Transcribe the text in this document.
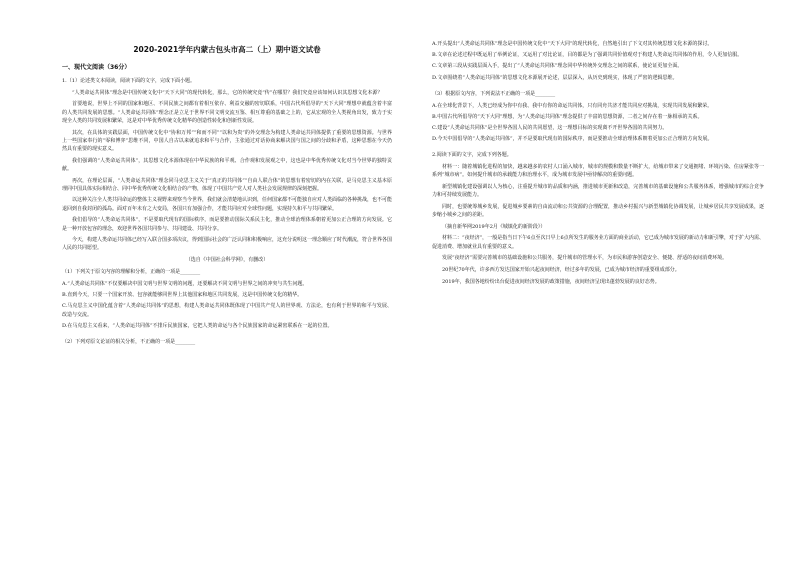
2020-2021学年内蒙古包头市高二（上）期中语文试卷
一、现代文阅读（36分）

1.（1）论述类文本阅读，阅读下面的文字，完成下面小题。

“人类命运共同体”理念是中国传统文化中“天下大同”的现代转化，那么，它的传统究竟“传”在哪里？我们究竟应该如何认识其思想文化本源？

首要地说，世界上不同的国家和地区、不同民族之间都有着相互依存、利益交融的密切联系，中国古代所倡导的“天下大同”理想中就蕴含着丰富的人类共同发展的思想。“人类命运共同体”理念正是立足于世界不同文明交流互鉴、相互尊重的基础之上的，它从宏观的全人类视角出发，致力于实现全人类的共同发展和繁荣，这是对中华优秀传统文化精华的创造性转化和创新性发展。

其次，在具体的实践层面，中国传统文化中“协和万邦”“和而不同”“以和为贵”的外交理念为构建人类命运共同体提供了重要的思想资源。与世界上一些国家奉行的“零和博弈”思维不同，中国人自古以来就追求和平与合作，主张通过对话协商来解决国与国之间的分歧和矛盾，这种思想在今天仍然具有重要的现实意义。

我们强调的“人类命运共同体”，其思想文化本源体现在中华民族的和平观、合作观和发展观之中，这也是中华优秀传统文化对当今世界的独特贡献。

再次，在理论层面，“人类命运共同体”理念同马克思主义关于“真正的共同体”“自由人联合体”的思想有着密切的内在关联，是马克思主义基本原理同中国具体实际相结合、同中华优秀传统文化相结合的产物，体现了中国共产党人对人类社会发展规律的深刻把握。

以这种关注全人类共同命运的整体主义视野来观察当今世界，我们就会清楚地认识到，任何国家都不可能独自应对人类面临的各种挑战，也不可能退回到自我封闭的孤岛。面对百年未有之大变局，各国只有加强合作，才能共同应对全球性问题，实现持久和平与共同繁荣。

我们倡导的“人类命运共同体”，不是要取代现有的国际秩序，而是要推动国际关系民主化，推动全球治理体系朝着更加公正合理的方向发展。它是一种开放包容的理念，欢迎世界各国共同参与、共同建设、共同分享。

今天，构建人类命运共同体已经写入联合国多项决议，得到国际社会的广泛认同和积极响应，这充分说明这一理念顺应了时代潮流，符合世界各国人民的共同愿望。

（选自《中国社会科学网》，有删改）

（1）下列关于原文内容的理解和分析，正确的一项是________

A.“人类命运共同体”不仅要解决中国文明与世界文明的问题，还要解决不同文明与世界之间的冲突与共生问题。
B.直到今天，只要一个国家开放、包容就能够同世界上其他国家和地区共同发展，这是中国传统文化的精华。
C.马克思主义中国化蕴含着“人类命运共同体”的思想，构建人类命运共同体既体现了中国共产党人的世界观、方法论，也有利于世界的和平与发展、改造与交流。
D.在马克思主义看来，“人类命运共同体”不排斥民族国家，它把人类的命运与各个民族国家的命运紧密联系在一起的位置。

（2）下列对原文论证的相关分析，不正确的一项是________

A.开头提出“人类命运共同体”理念是中国传统文化中“天下大同”的现代转化，自然地引出了下文对其传统思想文化本源的探讨。
B.文章在论述过程中既运用了举例论证，又运用了对比论证，目的都是为了强调共同价值观对于构建人类命运共同体的作用，令人更加信服。
C.文章第三段从实践层面入手，提出了“人类命运共同体”理念同中华传统外交理念之间的联系，使论证更加全面。
D.文章围绕着“人类命运共同体”的思想文化本源展开论述，层层深入，从历史到现实，体现了严密的逻辑思维。

（3）根据原文内容，下列说法不正确的一项是________

A.在全球化背景下，人类已经成为你中有我、我中有你的命运共同体，只有同舟共济才能共同应对挑战，实现共同发展和繁荣。
B.中国古代所倡导的“天下大同”理想，为“人类命运共同体”理念提供了丰富的思想资源，二者之间存在着一脉相承的关系。
C.建设“人类命运共同体”是全世界各国人民的共同愿望，这一理想目标的实现离不开世界各国的共同努力。
D.今天中国倡导的“人类命运共同体”，并不是要取代现有的国际秩序，而是要推动全球治理体系朝着更加公正合理的方向发展。

2.阅读下面的文字，完成下列各题。

材料一：随着城镇化进程的加快，越来越多的农村人口涌入城市，城市的规模和数量不断扩大，给城市带来了交通拥堵、环境污染、住房紧张等一系列“城市病”。如何提升城市的承载能力和治理水平，成为城市发展中亟待解决的重要问题。

新型城镇化建设强调以人为核心，注重提升城市的品质和内涵，推进城市更新和改造，完善城市的基础设施和公共服务体系，增强城市的综合竞争力和可持续发展能力。

同时，也要统筹城乡发展，促进城乡要素的自由流动和公共资源的合理配置，推动乡村振兴与新型城镇化协调发展，让城乡居民共享发展成果，逐步缩小城乡之间的差距。

（摘自新华网2019年2月《城镇化的新阶段》）

材料二：“夜经济”，一般是指当日下午6点至次日早上6点所发生的服务业方面的商业活动，它已成为城市发展的新动力和新引擎，对于扩大内需、促进消费、增加就业具有重要的意义。

发展“夜经济”需要完善城市的基础设施和公共服务，提升城市的管理水平，为市民和游客创造安全、便捷、舒适的夜间消费环境。

20世纪70年代，许多西方发达国家开始兴起夜间经济，经过多年的发展，已成为城市经济的重要组成部分。

2019年，我国各地纷纷出台促进夜间经济发展的政策措施，夜间经济呈现出蓬勃发展的良好态势。
